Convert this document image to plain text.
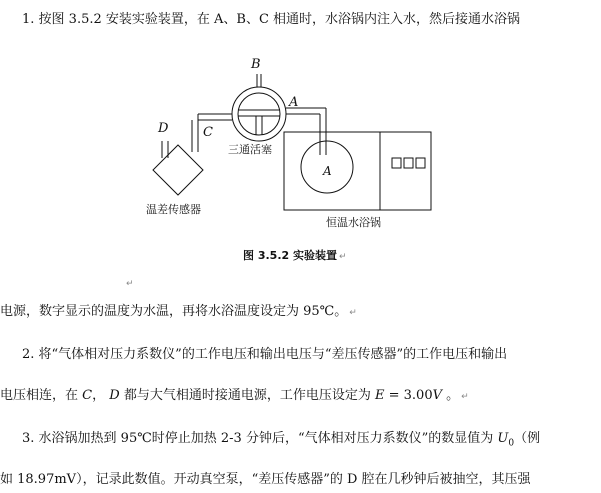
1. 按图 3.5.2 安装实验装置，在 A、B、C 相通时，水浴锅内注入水，然后接通水浴锅
B
A
D	C
三通活塞
A
温差传感器
恒温水浴锅
图 3.5.2 实验装置 ↵
↵
电源，数字显示的温度为水温，再将水浴温度设定为 95℃。 ↵
2. 将“气体相对压力系数仪”的工作电压和输出电压与“差压传感器”的工作电压和输出
电压相连，在 C， D 都与大气相通时接通电源，工作电压设定为 E = 3.00V 。 ↵
3. 水浴锅加热到 95℃时停止加热 2-3 分钟后，“气体相对压力系数仪”的数显值为 $U_0$（例
如 18.97mV），记录此数值。开动真空泵，“差压传感器”的 D 腔在几秒钟后被抽空，其压强
